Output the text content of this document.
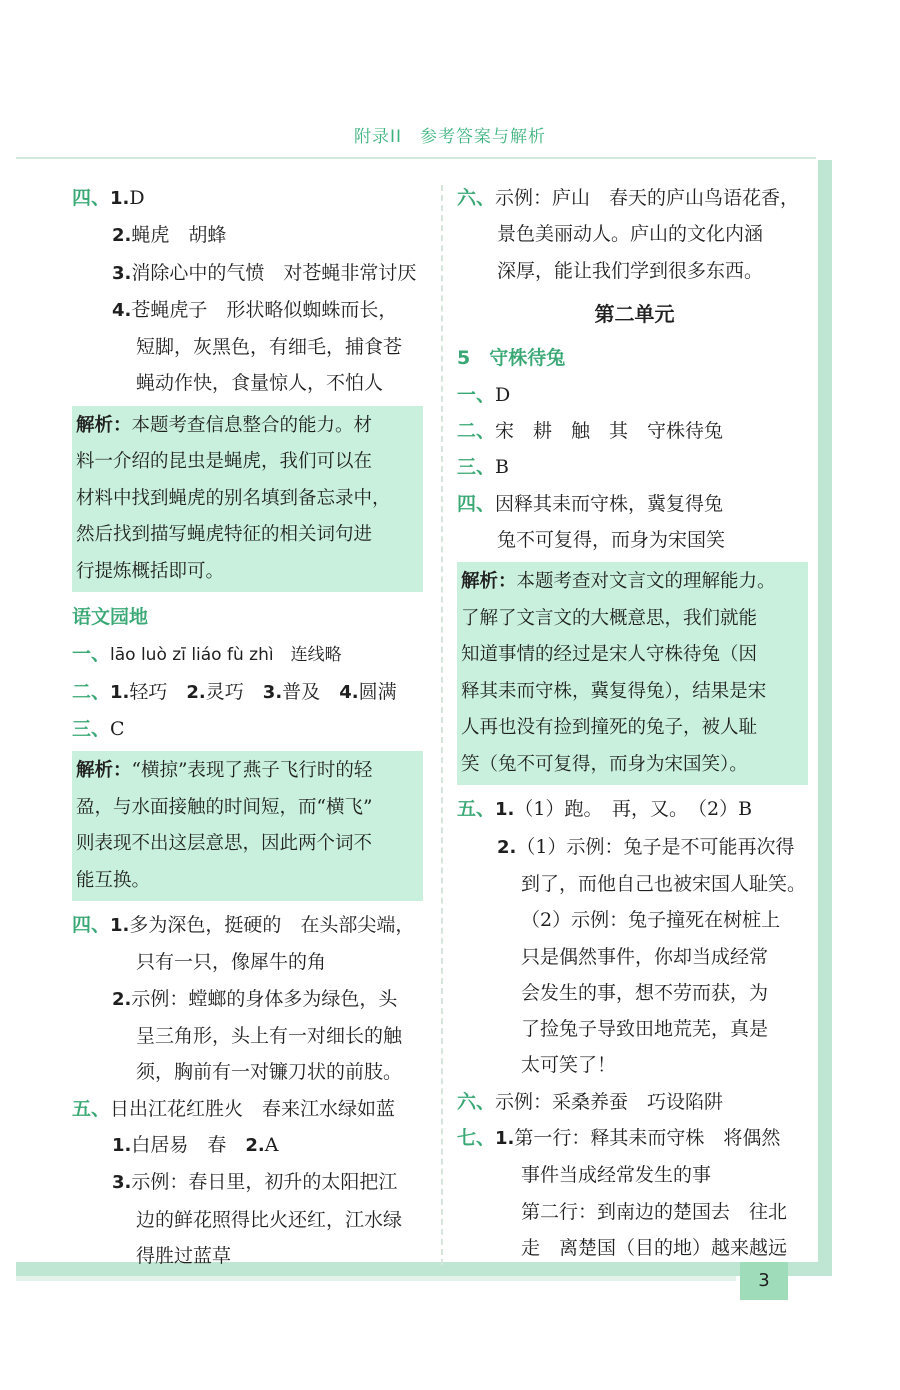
附录II　参考答案与解析
3
四、1.D
2.蝇虎　胡蜂
3.消除心中的气愤　对苍蝇非常讨厌
4.苍蝇虎子　形状略似蜘蛛而长，
短脚，灰黑色，有细毛，捕食苍
蝇动作快，食量惊人，不怕人
解析：本题考查信息整合的能力。材
料一介绍的昆虫是蝇虎，我们可以在
材料中找到蝇虎的别名填到备忘录中，
然后找到描写蝇虎特征的相关词句进
行提炼概括即可。
语文园地
一、lāo luò zī liáo fù zhì　连线略
二、1.轻巧  2.灵巧  3.普及  4.圆满
三、C
解析：“横掠”表现了燕子飞行时的轻
盈，与水面接触的时间短，而“横飞”
则表现不出这层意思，因此两个词不
能互换。
四、1.多为深色，挺硬的　在头部尖端，
只有一只，像犀牛的角
2.示例：螳螂的身体多为绿色，头
呈三角形，头上有一对细长的触
须，胸前有一对镰刀状的前肢。
五、日出江花红胜火　春来江水绿如蓝
1.白居易　春  2.A
3.示例：春日里，初升的太阳把江
边的鲜花照得比火还红，江水绿
得胜过蓝草
六、示例：庐山　春天的庐山鸟语花香，
景色美丽动人。庐山的文化内涵
深厚，能让我们学到很多东西。
第二单元
5　守株待兔
一、D
二、宋　耕　触　其　守株待兔
三、B
四、因释其耒而守株，冀复得兔
兔不可复得，而身为宋国笑
解析：本题考查对文言文的理解能力。
了解了文言文的大概意思，我们就能
知道事情的经过是宋人守株待兔（因
释其耒而守株，冀复得兔），结果是宋
人再也没有捡到撞死的兔子，被人耻
笑（兔不可复得，而身为宋国笑）。
五、1.（1）跑。　再，又。　（2）B
2.（1）示例：兔子是不可能再次得
到了，而他自己也被宋国人耻笑。
（2）示例：兔子撞死在树桩上
只是偶然事件，你却当成经常
会发生的事，想不劳而获，为
了捡兔子导致田地荒芜，真是
太可笑了！
六、示例：采桑养蚕　巧设陷阱
七、1.第一行：释其耒而守株　将偶然
事件当成经常发生的事
第二行：到南边的楚国去　往北
走　离楚国（目的地）越来越远
